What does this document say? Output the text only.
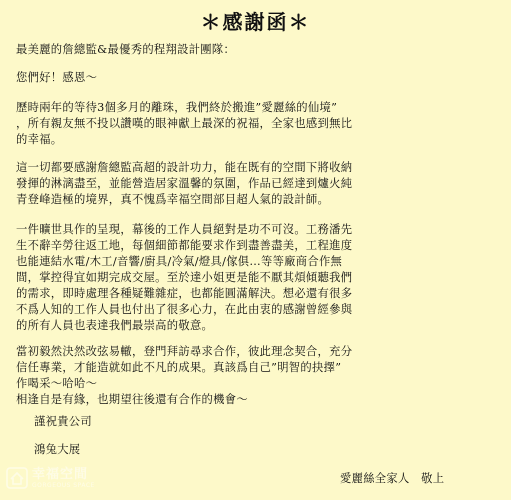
＊感謝函＊
最美麗的詹總監&最優秀的程翔設計團隊：
您們好！感恩～
歷時兩年的等待3個多月的離珠，我們終於搬進”愛麗絲的仙境”
，所有親友無不投以讚嘆的眼神獻上最深的祝福，全家也感到無比
的幸福。
這一切都要感謝詹總監高超的設計功力，能在既有的空間下將收納
發揮的淋漓盡至，並能營造居家溫馨的氛圍，作品已經達到爐火純
青登峰造極的境界，真不愧爲幸福空間部目超人氣的設計師。
一件曠世具作的呈現，幕後的工作人員絕對是功不可沒。工務潘先
生不辭辛勞往返工地，每個細節都能要求作到盡善盡美，工程進度
也能連結水電/木工/音響/廚具/冷氣/燈具/傢俱…等等廠商合作無
間，掌控得宜如期完成交屋。至於達小姐更是能不厭其煩傾聽我們
的需求，即時處理各種疑難雜症，也都能圓滿解決。想必還有很多
不爲人知的工作人員也付出了很多心力，在此由衷的感謝曾經參與
的所有人員也表達我們最崇高的敬意。
當初毅然決然改弦易轍，登門拜訪尋求合作，彼此理念契合，充分
信任專業，才能造就如此不凡的成果。真該爲自己”明智的抉擇”
作喝采～哈哈～
相逢自是有緣，也期望往後還有合作的機會～
謹祝貴公司
鴻兔大展
幸福空間
GORGEOUS SPACE	愛麗絲全家人　敬上
